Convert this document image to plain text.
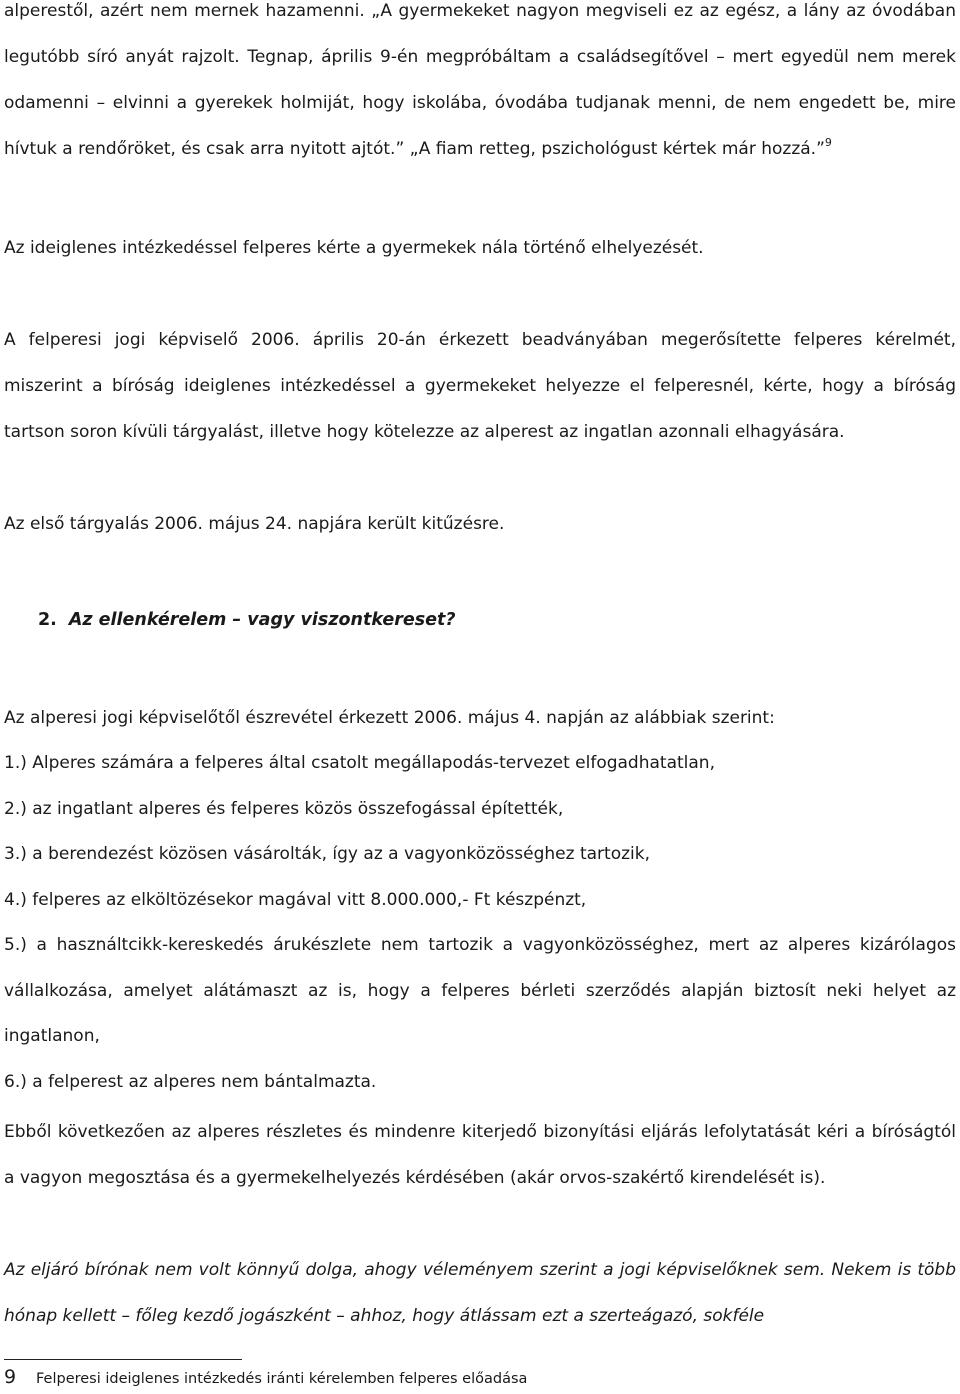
alperestől, azért nem mernek hazamenni. „A gyermekeket nagyon megviseli ez az egész, a lány az óvodában legutóbb síró anyát rajzolt. Tegnap, április 9-én megpróbáltam a családsegítővel – mert egyedül nem merek odamenni – elvinni a gyerekek holmiját, hogy iskolába, óvodába tudjanak menni, de nem engedett be, mire hívtuk a rendőröket, és csak arra nyitott ajtót.” „A fiam retteg, pszichológust kértek már hozzá.”$^9$

Az ideiglenes intézkedéssel felperes kérte a gyermekek nála történő elhelyezését.

A felperesi jogi képviselő 2006. április 20-án érkezett beadványában megerősítette felperes kérelmét, miszerint a bíróság ideiglenes intézkedéssel a gyermekeket helyezze el felperesnél, kérte, hogy a bíróság tartson soron kívüli tárgyalást, illetve hogy kötelezze az alperest az ingatlan azonnali elhagyására.

Az első tárgyalás 2006. május 24. napjára került kitűzésre.

2. Az ellenkérelem – vagy viszontkereset?

Az alperesi jogi képviselőtől észrevétel érkezett 2006. május 4. napján az alábbiak szerint:

1.) Alperes számára a felperes által csatolt megállapodás-tervezet elfogadhatatlan,
2.) az ingatlant alperes és felperes közös összefogással építették,
3.) a berendezést közösen vásárolták, így az a vagyonközösséghez tartozik,
4.) felperes az elköltözésekor magával vitt 8.000.000,- Ft készpénzt,
5.) a használtcikk-kereskedés árukészlete nem tartozik a vagyonközösséghez, mert az alperes kizárólagos vállalkozása, amelyet alátámaszt az is, hogy a felperes bérleti szerződés alapján biztosít neki helyet az ingatlanon,
6.) a felperest az alperes nem bántalmazta.

Ebből következően az alperes részletes és mindenre kiterjedő bizonyítási eljárás lefolytatását kéri a bíróságtól a vagyon megosztása és a gyermekelhelyezés kérdésében (akár orvos-szakértő kirendelését is).

Az eljáró bírónak nem volt könnyű dolga, ahogy véleményem szerint a jogi képviselőknek sem. Nekem is több hónap kellett – főleg kezdő jogászként – ahhoz, hogy átlássam ezt a szerteágazó, sokféle

9 Felperesi ideiglenes intézkedés iránti kérelemben felperes előadása
